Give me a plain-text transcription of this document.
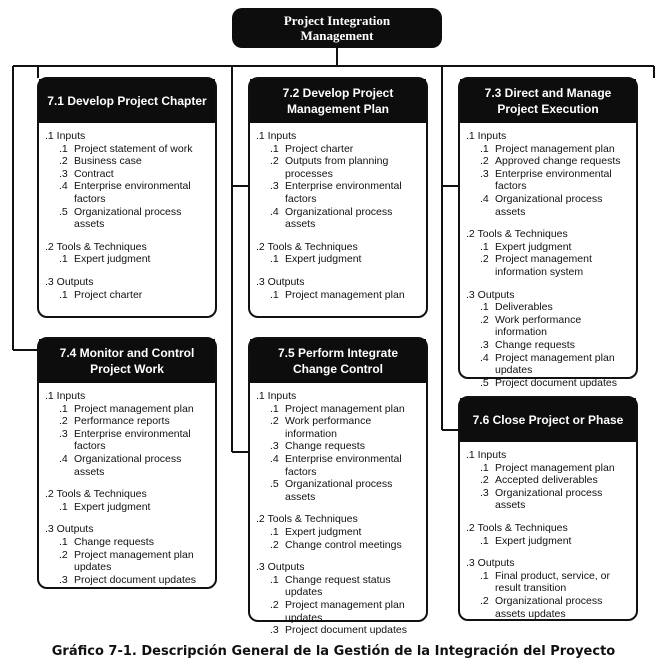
Project Integration
Management
7.1 Develop Project Chapter
.1 Inputs
.1 Project statement of work
.2 Business case
.3 Contract
.4 Enterprise environmental factors
.5 Organizational process assets
.2 Tools & Techniques
.1 Expert judgment
.3 Outputs
.1 Project charter
7.2 Develop Project Management Plan
.1 Inputs
.1 Project charter
.2 Outputs from planning processes
.3 Enterprise environmental factors
.4 Organizational process assets
.2 Tools & Techniques
.1 Expert judgment
.3 Outputs
.1 Project management plan
7.3 Direct and Manage Project Execution
.1 Inputs
.1 Project management plan
.2 Approved change requests
.3 Enterprise environmental factors
.4 Organizational process assets
.2 Tools & Techniques
.1 Expert judgment
.2 Project management information system
.3 Outputs
.1 Deliverables
.2 Work performance information
.3 Change requests
.4 Project management plan updates
.5 Project document updates
7.4 Monitor and Control Project Work
.1 Inputs
.1 Project management plan
.2 Performance reports
.3 Enterprise environmental factors
.4 Organizational process assets
.2 Tools & Techniques
.1 Expert judgment
.3 Outputs
.1 Change requests
.2 Project management plan updates
.3 Project document updates
7.5 Perform Integrate Change Control
.1 Inputs
.1 Project management plan
.2 Work performance information
.3 Change requests
.4 Enterprise environmental factors
.5 Organizational process assets
.2 Tools & Techniques
.1 Expert judgment
.2 Change control meetings
.3 Outputs
.1 Change request status updates
.2 Project management plan updates
.3 Project document updates
7.6 Close Project or Phase
.1 Inputs
.1 Project management plan
.2 Accepted deliverables
.3 Organizational process assets
.2 Tools & Techniques
.1 Expert judgment
.3 Outputs
.1 Final product, service, or result transition
.2 Organizational process assets updates
Gráfico 7-1. Descripción General de la Gestión de la Integración del Proyecto
